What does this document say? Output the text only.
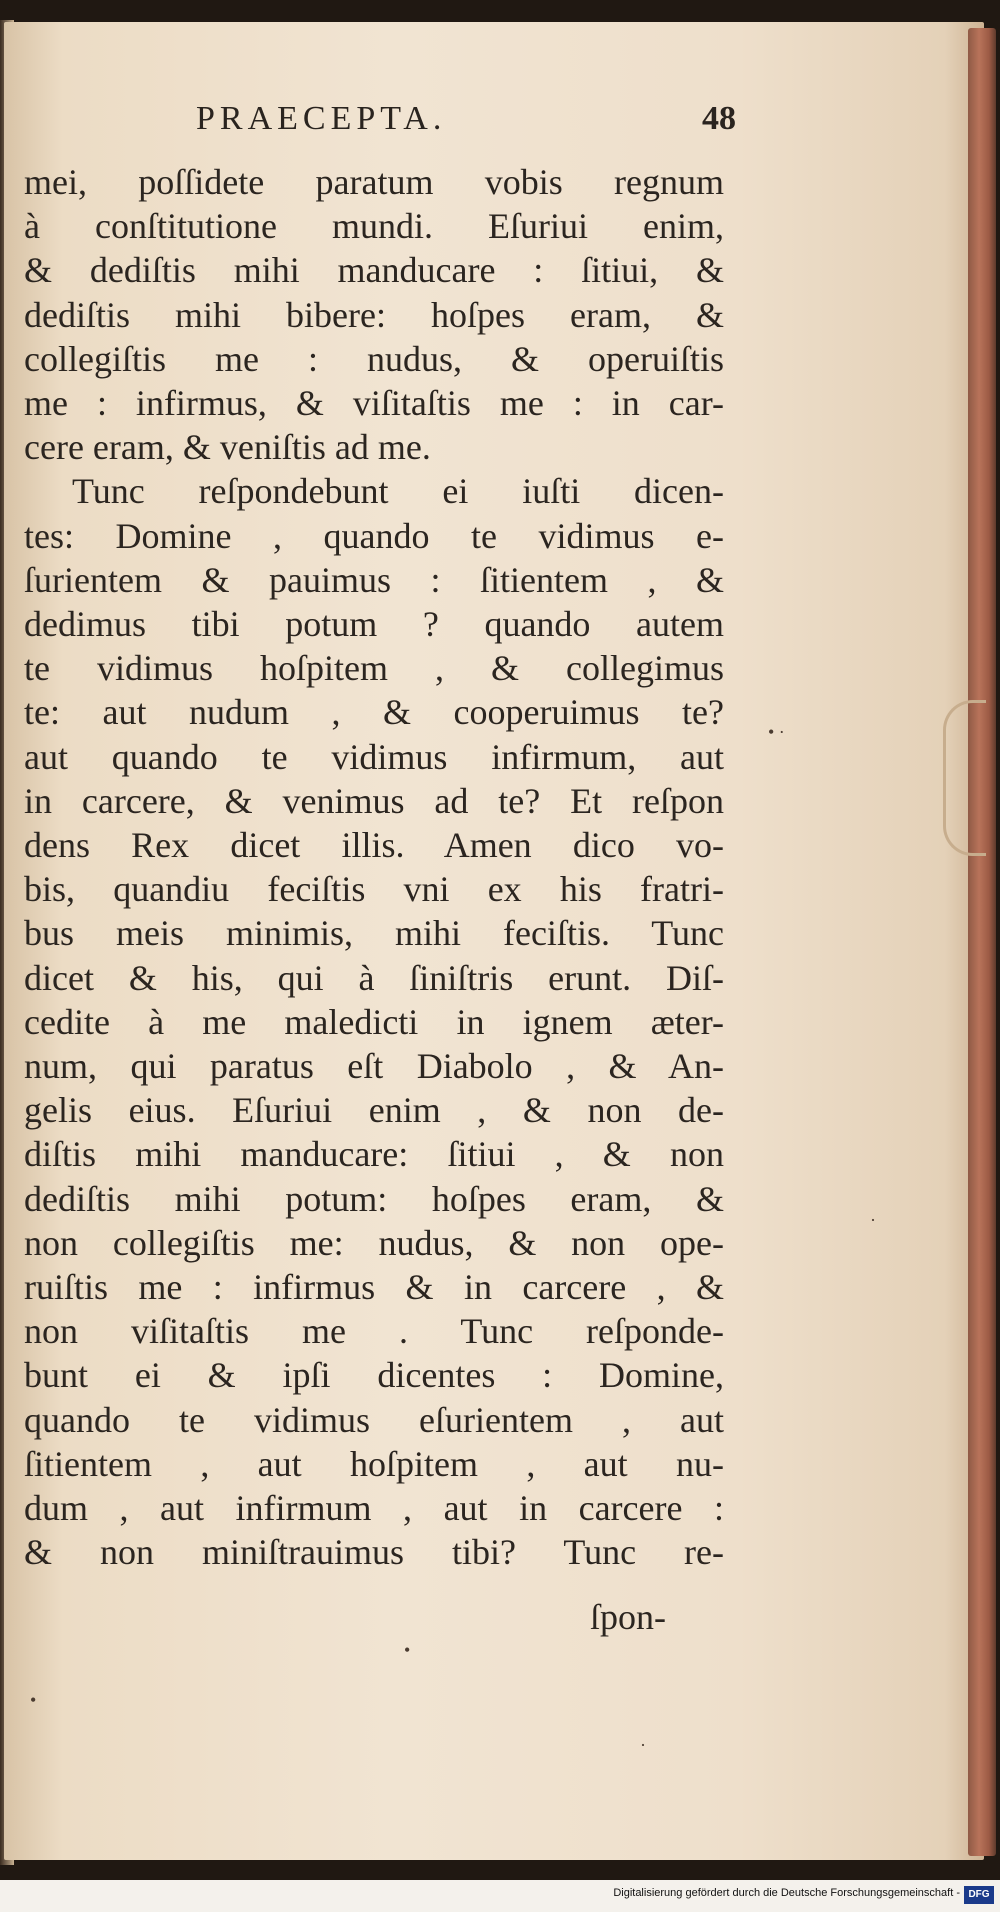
PRAECEPTA.	48
mei, poſſidete paratum vobis regnum
à conſtitutione mundi. Eſuriui enim,
& dediſtis mihi manducare : ſitiui, &
dediſtis mihi bibere: hoſpes eram, &
collegiſtis me : nudus, & operuiſtis
me : infirmus, & viſitaſtis me : in car-
cere eram, & veniſtis ad me.
Tunc reſpondebunt ei iuſti dicen-
tes: Domine , quando te vidimus e-
ſurientem & pauimus : ſitientem , &
dedimus tibi potum ? quando autem
te vidimus hoſpitem , & collegimus
te: aut nudum , & cooperuimus te?
aut quando te vidimus infirmum, aut
in carcere, & venimus ad te? Et reſpon
dens Rex dicet illis. Amen dico vo-
bis, quandiu feciſtis vni ex his fratri-
bus meis minimis, mihi feciſtis. Tunc
dicet & his, qui à ſiniſtris erunt. Diſ-
cedite à me maledicti in ignem æter-
num, qui paratus eſt Diabolo , & An-
gelis eius. Eſuriui enim , & non de-
diſtis mihi manducare: ſitiui , & non
dediſtis mihi potum: hoſpes eram, &
non collegiſtis me: nudus, & non ope-
ruiſtis me : infirmus & in carcere , &
non viſitaſtis me . Tunc reſponde-
bunt ei & ipſi dicentes : Domine,
quando te vidimus eſurientem , aut
ſitientem , aut hoſpitem , aut nu-
dum , aut infirmum , aut in carcere :
& non miniſtrauimus tibi? Tunc re-
ſpon-
• ·
·
•
•
·
Digitalisierung gefördert durch die Deutsche Forschungsgemeinschaft - DFG
